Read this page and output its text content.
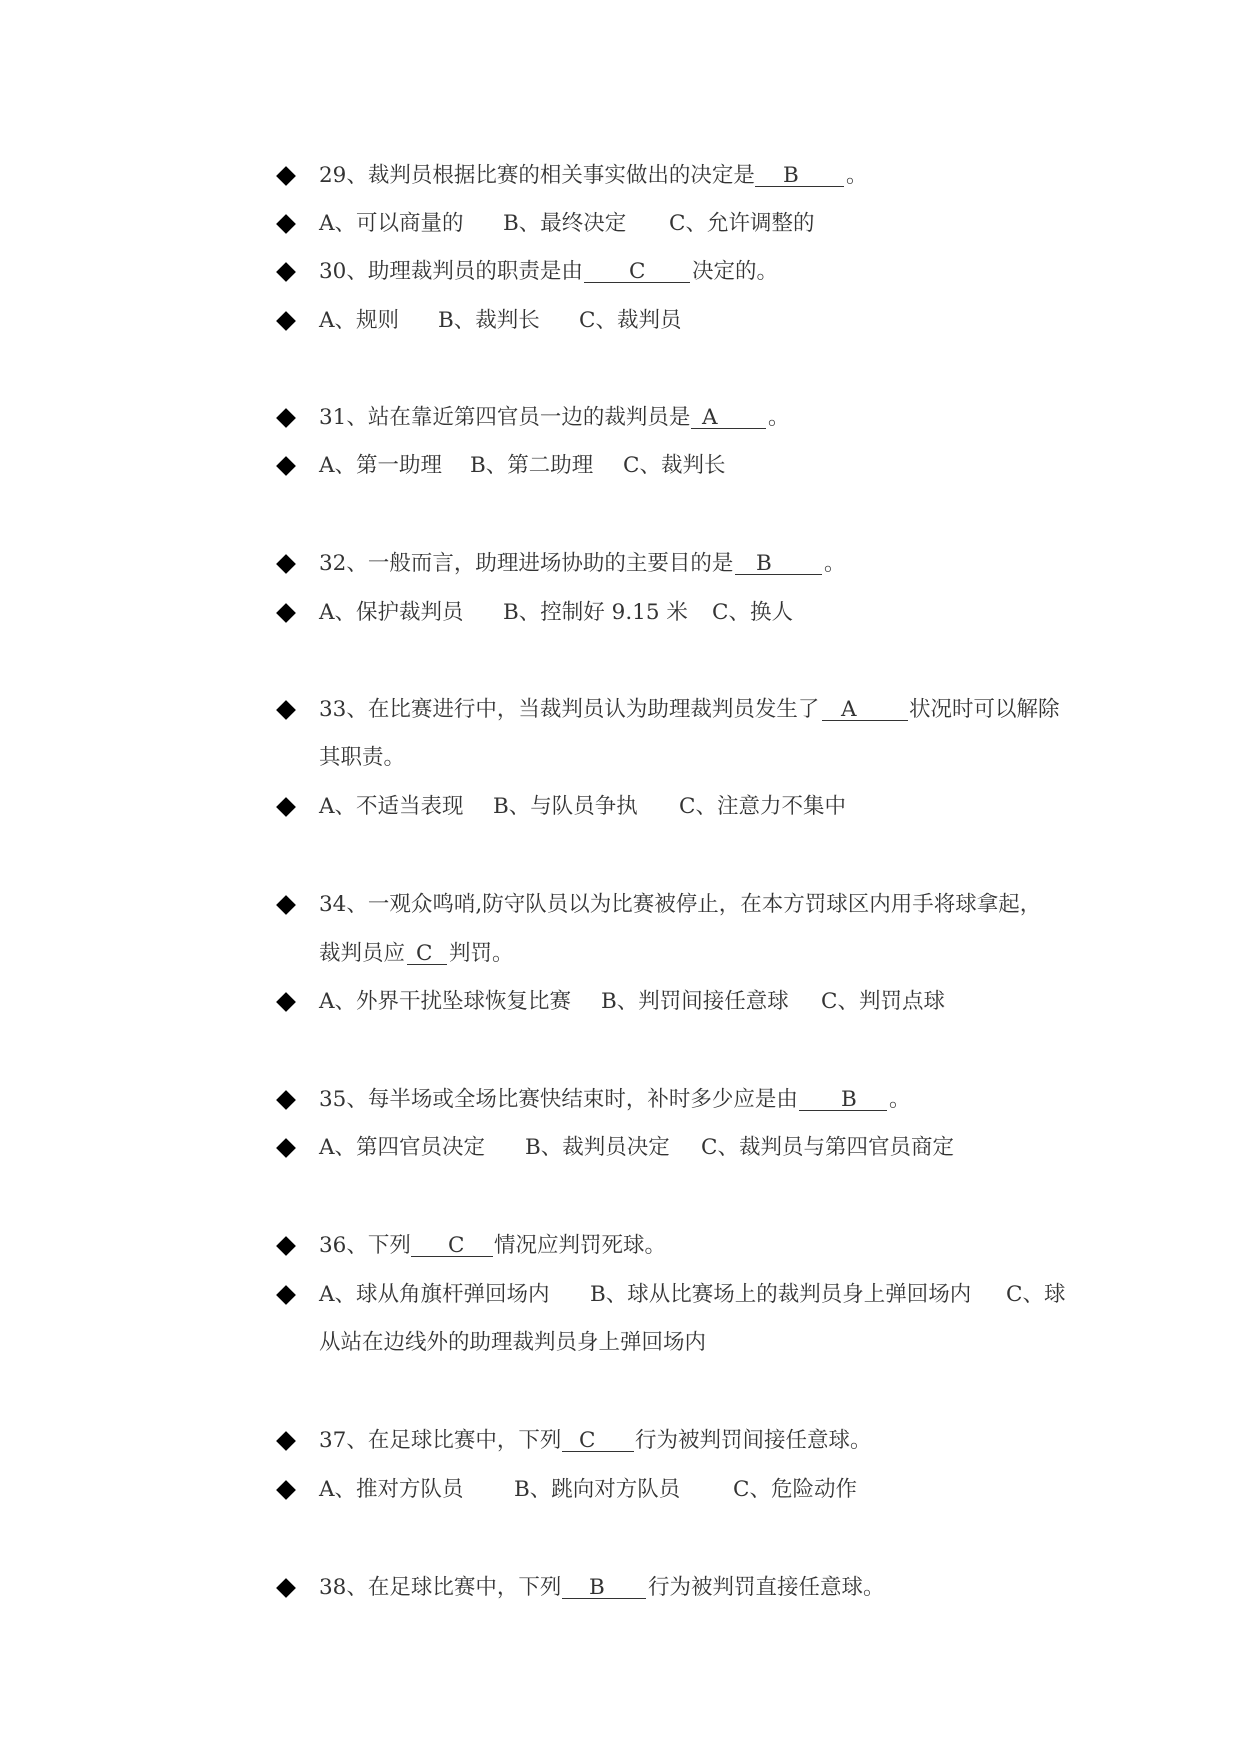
29、裁判员根据比赛的相关事实做出的决定是	B	。
A、可以商量的 B、最终决定 C、允许调整的
30、助理裁判员的职责是由	C	决定的。
A、规则 B、裁判长 C、裁判员
31、站在靠近第四官员一边的裁判员是 A	。
A、第一助理 B、第二助理 C、裁判长
32、一般而言，助理进场协助的主要目的是	B	。
A、保护裁判员 B、控制好 9.15 米 C、换人
33、在比赛进行中，当裁判员认为助理裁判员发生了	A	状况时可以解除
其职责。
A、不适当表现 B、与队员争执 C、注意力不集中
34、一观众鸣哨,防守队员以为比赛被停止，在本方罚球区内用手将球拿起，
裁判员应 C 判罚。
A、外界干扰坠球恢复比赛 B、判罚间接任意球 C、判罚点球
35、每半场或全场比赛快结束时，补时多少应是由	B	。
A、第四官员决定 B、裁判员决定 C、裁判员与第四官员商定
36、下列	C	情况应判罚死球。
A、球从角旗杆弹回场内 B、球从比赛场上的裁判员身上弹回场内 C、球
从站在边线外的助理裁判员身上弹回场内
37、在足球比赛中，下列 C	行为被判罚间接任意球。
A、推对方队员 B、跳向对方队员 C、危险动作
38、在足球比赛中，下列	B	行为被判罚直接任意球。
